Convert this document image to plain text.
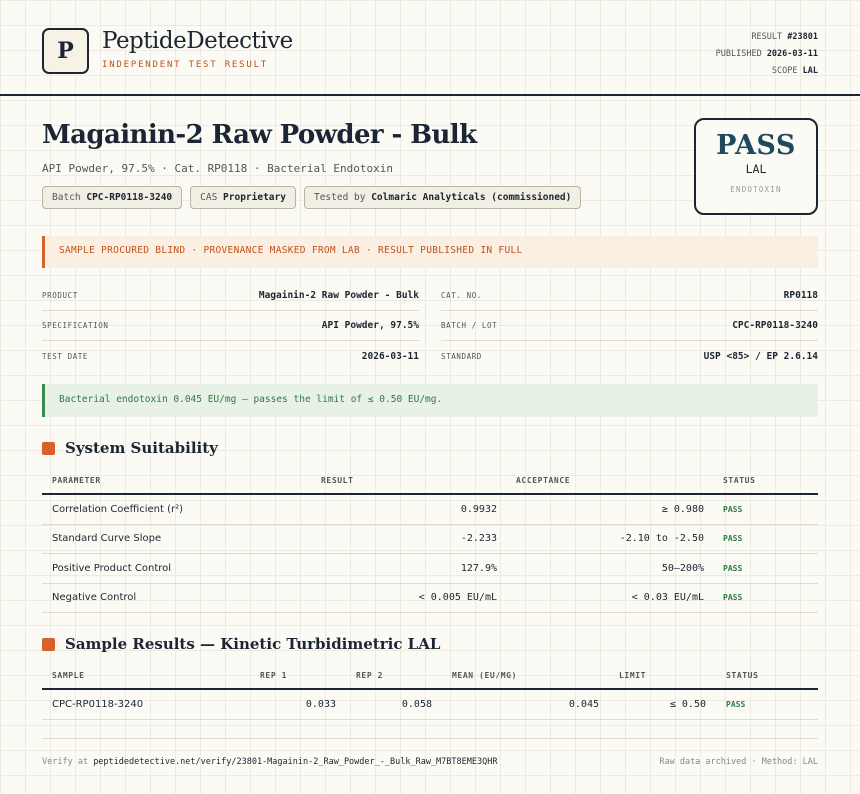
P PeptideDetective
INDEPENDENT TEST RESULT
RESULT #23801
PUBLISHED 2026-03-11
SCOPE LAL
Magainin-2 Raw Powder - Bulk
API Powder, 97.5% · Cat. RP0118 · Bacterial Endotoxin
Batch CPC-RP0118-3240	CAS Proprietary	Tested by Colmaric Analyticals (commissioned)
PASS
LAL
ENDOTOXIN
SAMPLE PROCURED BLIND · PROVENANCE MASKED FROM LAB · RESULT PUBLISHED IN FULL
PRODUCT	Magainin-2 Raw Powder - Bulk
SPECIFICATION	API Powder, 97.5%
TEST DATE	2026-03-11
CAT. NO.	RP0118
BATCH / LOT	CPC-RP0118-3240
STANDARD	USP <85> / EP 2.6.14
Bacterial endotoxin 0.045 EU/mg — passes the limit of ≤ 0.50 EU/mg.
System Suitability
PARAMETER	RESULT	ACCEPTANCE	STATUS
Correlation Coefficient (r²)	0.9932	≥ 0.980 PASS
Standard Curve Slope	-2.233	-2.10 to -2.50 PASS
Positive Product Control	127.9%	50–200% PASS
Negative Control	< 0.005 EU/mL	< 0.03 EU/mL PASS
Sample Results — Kinetic Turbidimetric LAL
SAMPLE	REP 1	REP 2	MEAN (EU/MG)	LIMIT	STATUS
CPC-RP0118-3240	0.033	0.058	0.045	≤ 0.50	PASS
Verify at peptidedetective.net/verify/23801-Magainin-2_Raw_Powder_-_Bulk_Raw_M7BT8EME3QHR	Raw data archived · Method: LAL
